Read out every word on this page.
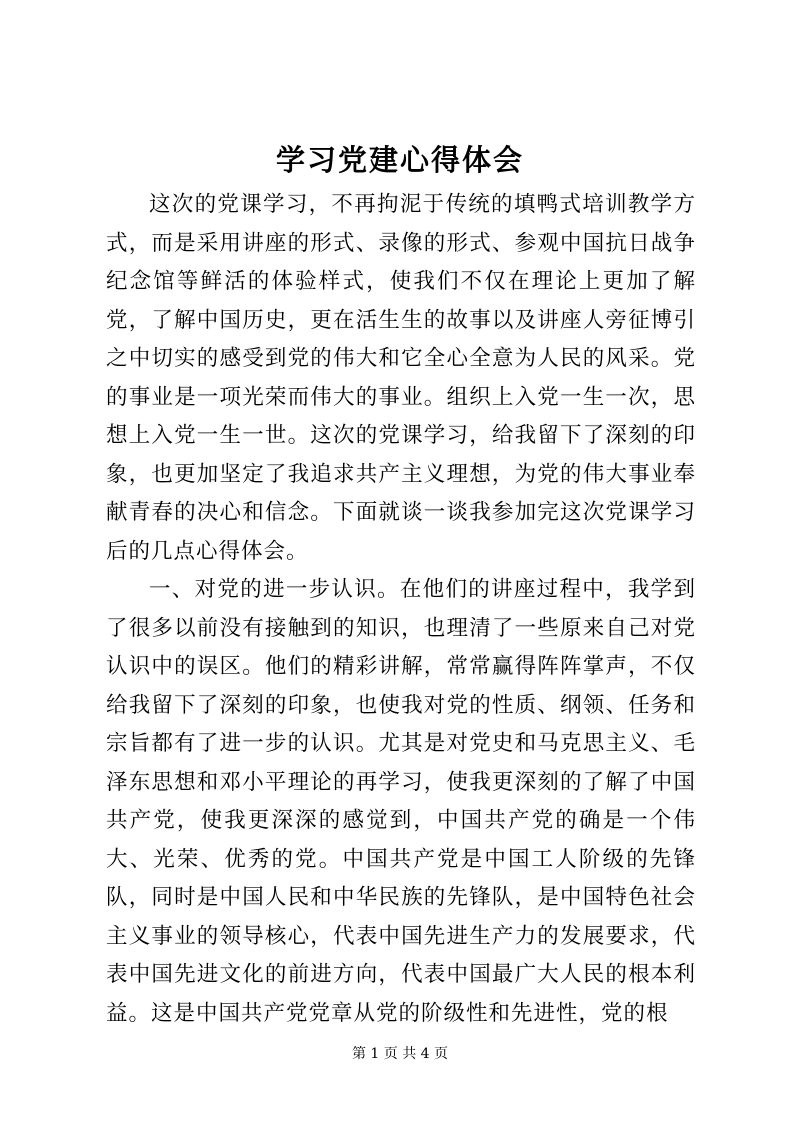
学习党建心得体会

这次的党课学习，不再拘泥于传统的填鸭式培训教学方式，而是采用讲座的形式、录像的形式、参观中国抗日战争纪念馆等鲜活的体验样式，使我们不仅在理论上更加了解党，了解中国历史，更在活生生的故事以及讲座人旁征博引之中切实的感受到党的伟大和它全心全意为人民的风采。党的事业是一项光荣而伟大的事业。组织上入党一生一次，思想上入党一生一世。这次的党课学习，给我留下了深刻的印象，也更加坚定了我追求共产主义理想，为党的伟大事业奉献青春的决心和信念。下面就谈一谈我参加完这次党课学习后的几点心得体会。

一、对党的进一步认识。在他们的讲座过程中，我学到了很多以前没有接触到的知识，也理清了一些原来自己对党认识中的误区。他们的精彩讲解，常常赢得阵阵掌声，不仅给我留下了深刻的印象，也使我对党的性质、纲领、任务和宗旨都有了进一步的认识。尤其是对党史和马克思主义、毛泽东思想和邓小平理论的再学习，使我更深刻的了解了中国共产党，使我更深深的感觉到，中国共产党的确是一个伟大、光荣、优秀的党。中国共产党是中国工人阶级的先锋队，同时是中国人民和中华民族的先锋队，是中国特色社会主义事业的领导核心，代表中国先进生产力的发展要求，代表中国先进文化的前进方向，代表中国最广大人民的根本利益。这是中国共产党党章从党的阶级性和先进性，党的根

第 1 页 共 4 页
